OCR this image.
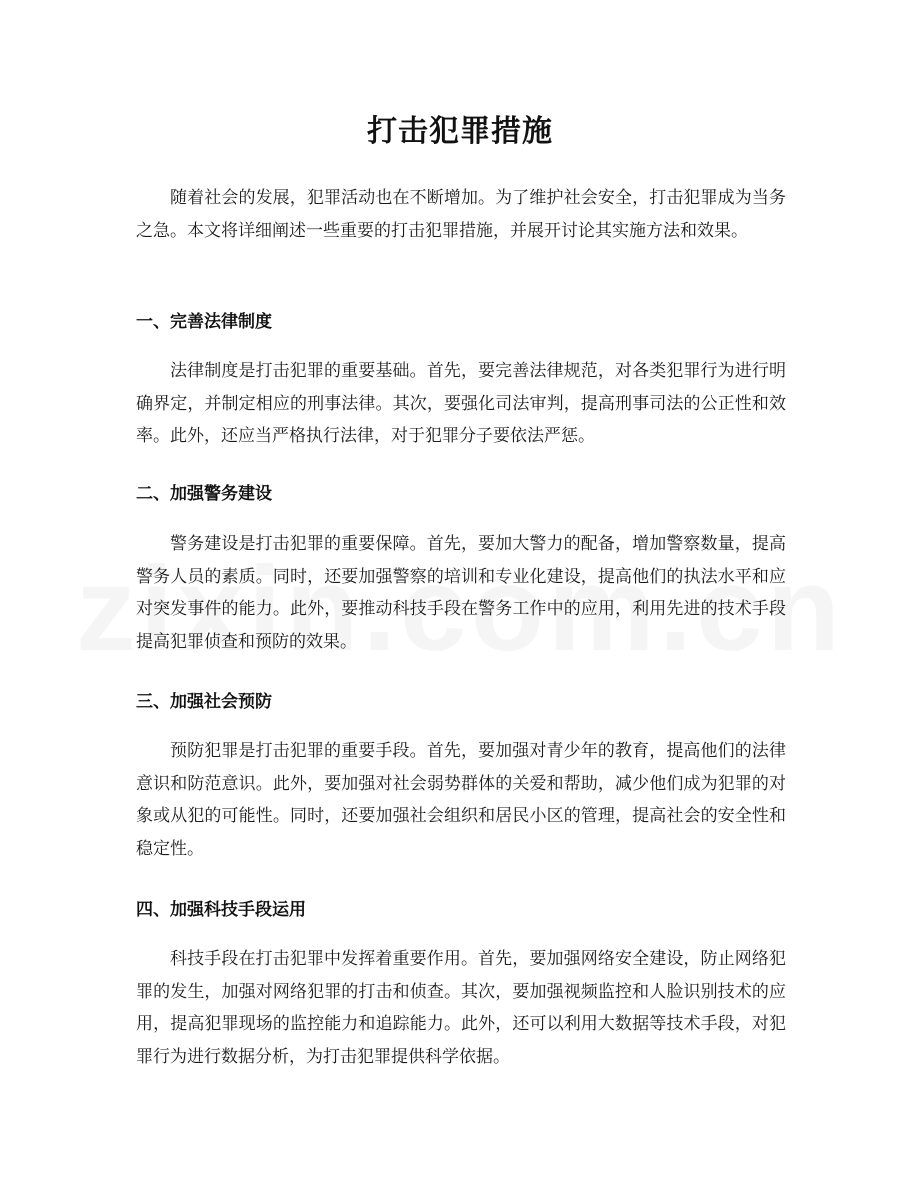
打击犯罪措施

随着社会的发展，犯罪活动也在不断增加。为了维护社会安全，打击犯罪成为当务之急。本文将详细阐述一些重要的打击犯罪措施，并展开讨论其实施方法和效果。

一、完善法律制度

法律制度是打击犯罪的重要基础。首先，要完善法律规范，对各类犯罪行为进行明确界定，并制定相应的刑事法律。其次，要强化司法审判，提高刑事司法的公正性和效率。此外，还应当严格执行法律，对于犯罪分子要依法严惩。

二、加强警务建设

警务建设是打击犯罪的重要保障。首先，要加大警力的配备，增加警察数量，提高警务人员的素质。同时，还要加强警察的培训和专业化建设，提高他们的执法水平和应对突发事件的能力。此外，要推动科技手段在警务工作中的应用，利用先进的技术手段提高犯罪侦查和预防的效果。

三、加强社会预防

预防犯罪是打击犯罪的重要手段。首先，要加强对青少年的教育，提高他们的法律意识和防范意识。此外，要加强对社会弱势群体的关爱和帮助，减少他们成为犯罪的对象或从犯的可能性。同时，还要加强社会组织和居民小区的管理，提高社会的安全性和稳定性。

四、加强科技手段运用

科技手段在打击犯罪中发挥着重要作用。首先，要加强网络安全建设，防止网络犯罪的发生，加强对网络犯罪的打击和侦查。其次，要加强视频监控和人脸识别技术的应用，提高犯罪现场的监控能力和追踪能力。此外，还可以利用大数据等技术手段，对犯罪行为进行数据分析，为打击犯罪提供科学依据。
